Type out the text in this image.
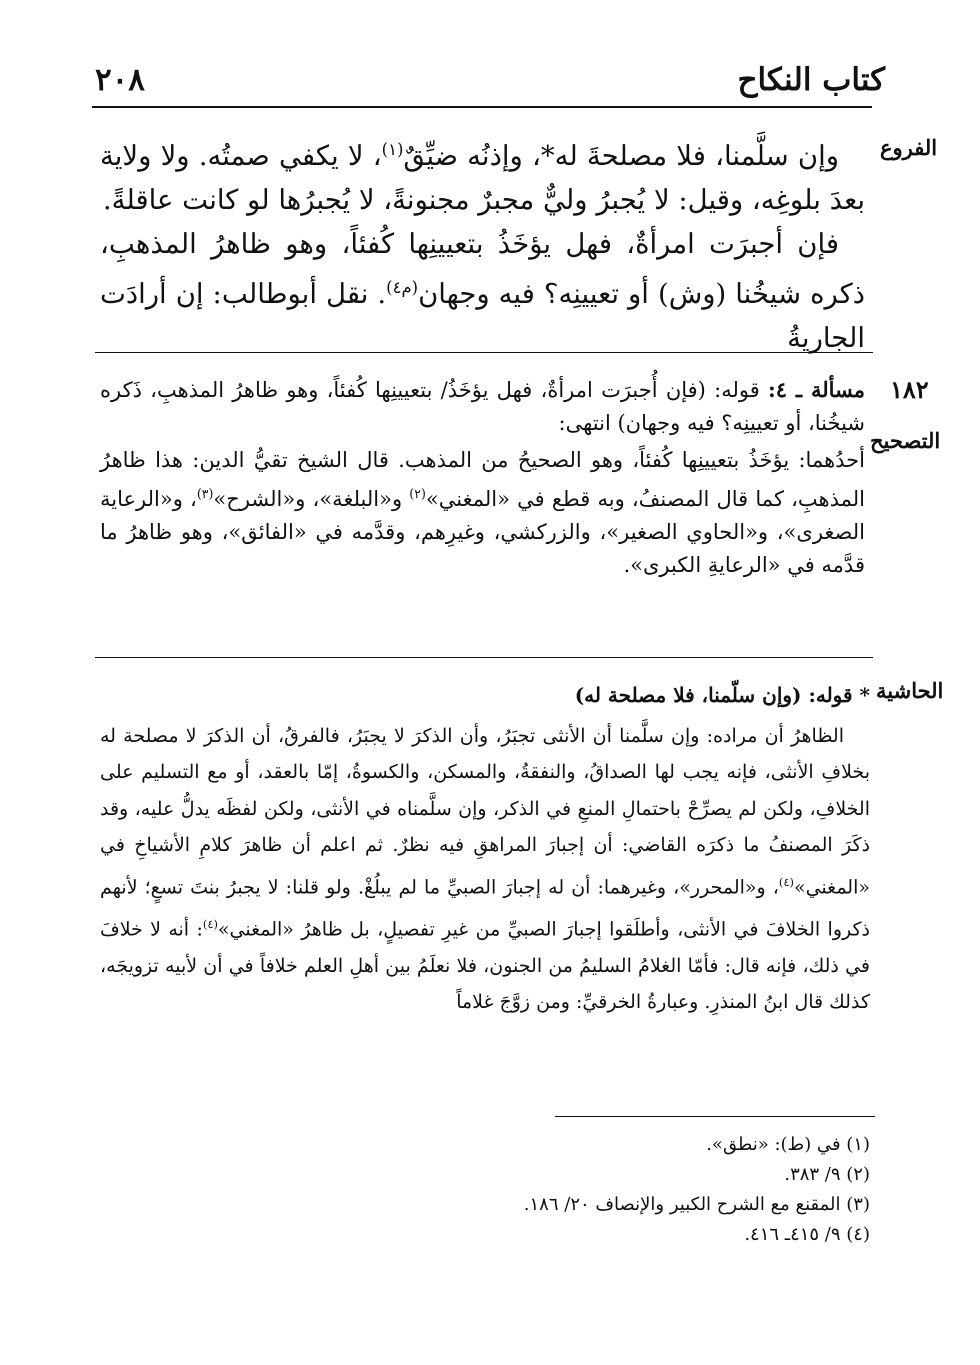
كتاب النكاح
٢٠٨
الفروع
١٨٢
التصحيح
الحاشية

وإن سلَّمنا، فلا مصلحةَ له*، وإذنُه ضيِّقٌ$^{(١)}$، لا يكفي صمتُه. ولا ولاية بعدَ بلوغِه، وقيل: لا يُجبرُ وليٌّ مجبرٌ مجنونةً، لا يُجبرُها لو كانت عاقلةً.

فإن أجبرَت امرأةٌ، فهل يؤخَذُ بتعيينِها كُفئاً، وهو ظاهرُ المذهبِ، ذكره شيخُنا (وش) أو تعيينِه؟ فيه وجهان$^{(م٤)}$. نقل أبوطالب: إن أرادَت الجاريةُ

مسألة ـ ٤: قوله: (فإن أُجبرَت امرأةٌ، فهل يؤخَذُ/ بتعيينِها كُفئاً، وهو ظاهرُ المذهبِ، ذَكره شيخُنا، أو تعيينِه؟ فيه وجهان) انتهى:

أحدُهما: يؤخَذُ بتعيينِها كُفئاً، وهو الصحيحُ من المذهب. قال الشيخ تقيُّ الدين: هذا ظاهرُ المذهبِ، كما قال المصنفُ، وبه قطع في «المغني»$^{(٢)}$ و«البلغة»، و«الشرح»$^{(٣)}$، و«الرعاية الصغرى»، و«الحاوي الصغير»، والزركشي، وغيرِهم، وقدَّمه في «الفائق»، وهو ظاهرُ ما قدَّمه في «الرعايةِ الكبرى».

* قوله: (وإن سلّمنا، فلا مصلحة له)

الظاهرُ أن مراده: وإن سلَّمنا أن الأنثى تجبَرُ، وأن الذكرَ لا يجبَرُ، فالفرقُ، أن الذكرَ لا مصلحة له بخلافِ الأنثى، فإنه يجب لها الصداقُ، والنفقةُ، والمسكن، والكسوةُ، إمّا بالعقد، أو مع التسليم على الخلافِ، ولكن لم يصرِّحْ باحتمالِ المنعِ في الذكر، وإن سلَّمناه في الأنثى، ولكن لفظَه يدلُّ عليه، وقد ذكَرَ المصنفُ ما ذكرَه القاضي: أن إجبارَ المراهقِ فيه نظرٌ. ثم اعلم أن ظاهرَ كلامِ الأشياخِ في «المغني»$^{(٤)}$، و«المحرر»، وغيرهما: أن له إجبارَ الصبيِّ ما لم يبلُغْ. ولو قلنا: لا يجبرُ بنتَ تسعٍ؛ لأنهم ذكروا الخلافَ في الأنثى، وأطلَقوا إجبارَ الصبيِّ من غيرِ تفصيلٍ، بل ظاهرُ «المغني»$^{(٤)}$: أنه لا خلافَ في ذلك، فإنه قال: فأمّا الغلامُ السليمُ من الجنون، فلا نعلَمُ بين أهلِ العلم خلافاً في أن لأبيه تزويجَه، كذلك قال ابنُ المنذرِ. وعبارةُ الخرقيِّ: ومن زوَّجَ غلاماً

(١) في (ط): «نطق».
(٢) ٩/ ٣٨٣.
(٣) المقنع مع الشرح الكبير والإنصاف ٢٠/ ١٨٦.
(٤) ٩/ ٤١٥ـ ٤١٦.
